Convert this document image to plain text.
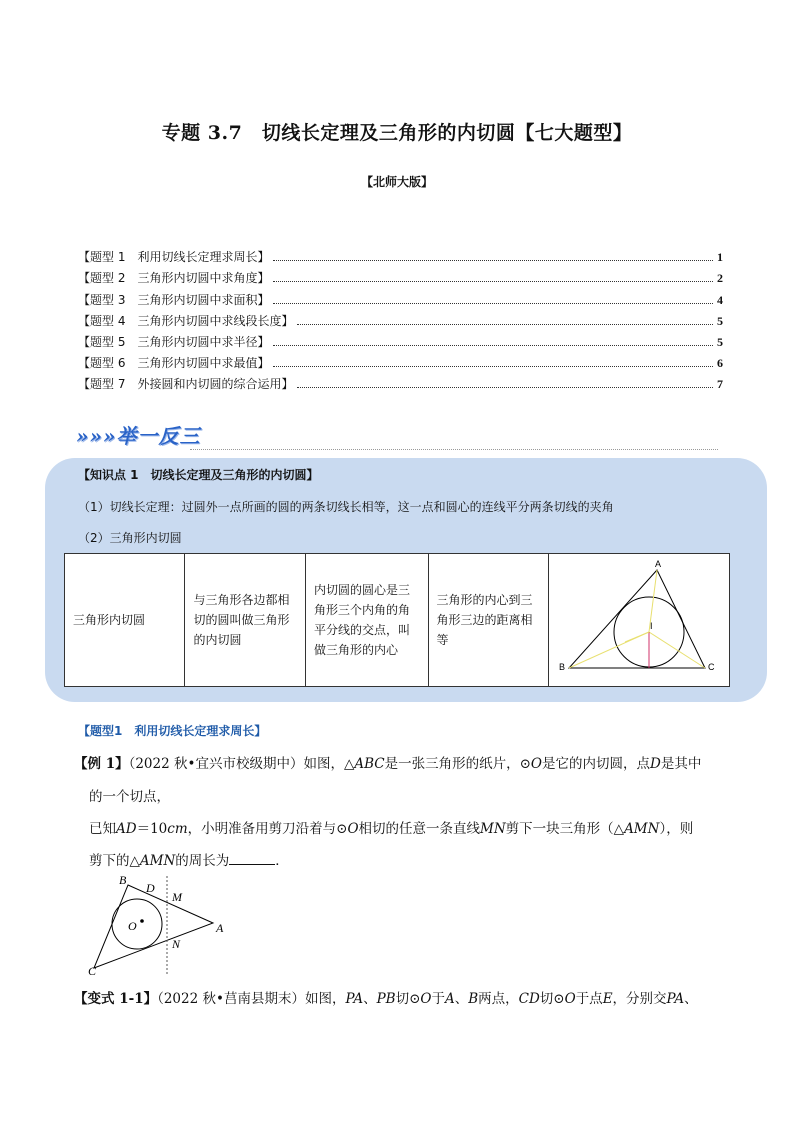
专题 3.7　切线长定理及三角形的内切圆【七大题型】
【北师大版】
【题型 1　利用切线长定理求周长】	1
【题型 2　三角形内切圆中求角度】	2
【题型 3　三角形内切圆中求面积】	4
【题型 4　三角形内切圆中求线段长度】	5
【题型 5　三角形内切圆中求半径】	5
【题型 6　三角形内切圆中求最值】	6
【题型 7　外接圆和内切圆的综合运用】	7
»»»举一反三
【知识点 1　切线长定理及三角形的内切圆】
（1）切线长定理：过圆外一点所画的圆的两条切线长相等，这一点和圆心的连线平分两条切线的夹角
（2）三角形内切圆
三角形内切圆	与三角形各边都相切的圆叫做三角形的内切圆	内切圆的圆心是三角形三个内角的角平分线的交点，叫做三角形的内心	三角形的内心到三角形三边的距离相等	
A
B	C
I
【题型1　利用切线长定理求周长】
【例 1】（2022 秋•宜兴市校级期中）如图，△ABC是一张三角形的纸片，⊙O是它的内切圆，点D是其中
的一个切点，
已知AD＝10cm，小明准备用剪刀沿着与⊙O相切的任意一条直线MN剪下一块三角形（△AMN），则
剪下的△AMN的周长为	．
B
D
M
O
N
A
C
【变式 1-1】（2022 秋•莒南县期末）如图，PA、PB切⊙O于A、B两点，CD切⊙O于点E，分别交PA、
